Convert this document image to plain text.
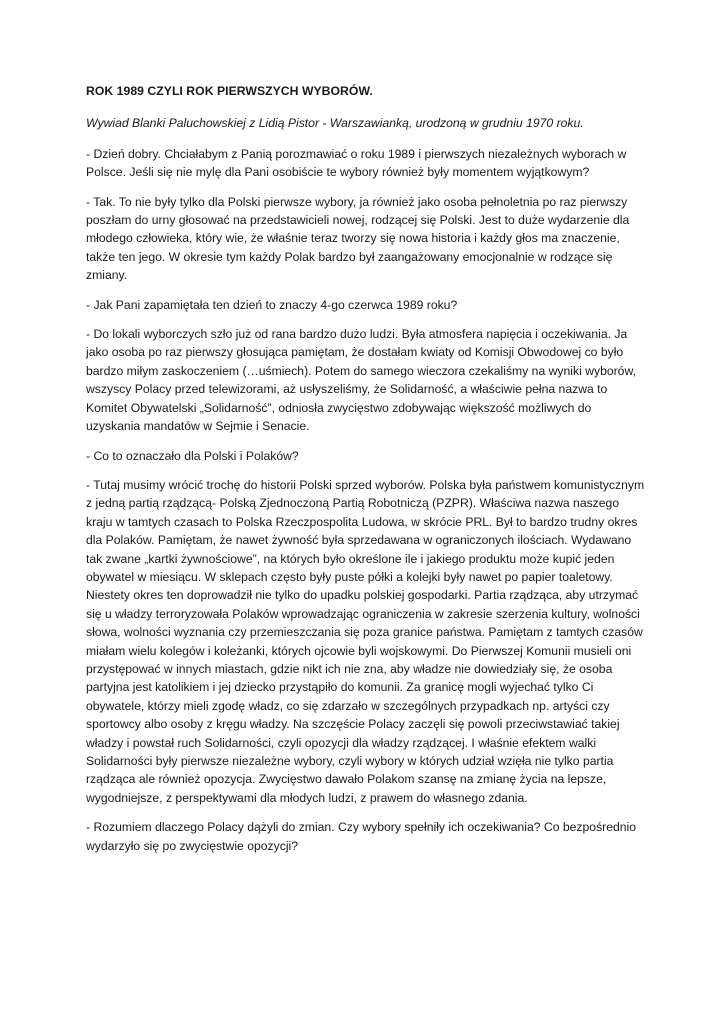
ROK 1989 CZYLI ROK PIERWSZYCH WYBORÓW.
Wywiad Blanki Paluchowskiej z Lidią Pistor - Warszawianką, urodzoną w grudniu 1970 roku.

- Dzień dobry. Chciałabym z Panią porozmawiać o roku 1989 i pierwszych niezależnych wyborach w Polsce. Jeśli się nie mylę dla Pani osobiście te wybory również były momentem wyjątkowym?

- Tak. To nie były tylko dla Polski pierwsze wybory, ja również jako osoba pełnoletnia po raz pierwszy poszłam do urny głosować na przedstawicieli nowej, rodzącej się Polski. Jest to duże wydarzenie dla młodego człowieka, który wie, że właśnie teraz tworzy się nowa historia i każdy głos ma znaczenie, także ten jego. W okresie tym każdy Polak bardzo był zaangażowany emocjonalnie w rodzące się zmiany.

- Jak Pani zapamiętała ten dzień to znaczy 4-go czerwca 1989 roku?

- Do lokali wyborczych szło już od rana bardzo dużo ludzi. Była atmosfera napięcia i oczekiwania. Ja jako osoba po raz pierwszy głosująca pamiętam, że dostałam kwiaty od Komisji Obwodowej co było bardzo miłym zaskoczeniem (…uśmiech). Potem do samego wieczora czekaliśmy na wyniki wyborów, wszyscy Polacy przed telewizorami, aż usłyszeliśmy, że Solidarność, a właściwie pełna nazwa to Komitet Obywatelski „Solidarność”, odniosła zwycięstwo zdobywając większość możliwych do uzyskania mandatów w Sejmie i Senacie.

- Co to oznaczało dla Polski i Polaków?

- Tutaj musimy wrócić trochę do historii Polski sprzed wyborów. Polska była państwem komunistycznym z jedną partią rządzącą- Polską Zjednoczoną Partią Robotniczą (PZPR). Właściwa nazwa naszego kraju w tamtych czasach to Polska Rzeczpospolita Ludowa, w skrócie PRL. Był to bardzo trudny okres dla Polaków. Pamiętam, że nawet żywność była sprzedawana w ograniczonych ilościach. Wydawano tak zwane „kartki żywnościowe”, na których było określone ile i jakiego produktu może kupić jeden obywatel w miesiącu. W sklepach często były puste półki a kolejki były nawet po papier toaletowy. Niestety okres ten doprowadził nie tylko do upadku polskiej gospodarki. Partia rządząca, aby utrzymać się u władzy terroryzowała Polaków wprowadzając ograniczenia w zakresie szerzenia kultury, wolności słowa, wolności wyznania czy przemieszczania się poza granice państwa. Pamiętam z tamtych czasów miałam wielu kolegów i koleżanki, których ojcowie byli wojskowymi. Do Pierwszej Komunii musieli oni przystępować w innych miastach, gdzie nikt ich nie zna, aby władze nie dowiedziały się, że osoba partyjna jest katolikiem i jej dziecko przystąpiło do komunii. Za granicę mogli wyjechać tylko Ci obywatele, którzy mieli zgodę władz, co się zdarzało w szczególnych przypadkach np. artyści czy sportowcy albo osoby z kręgu władzy. Na szczęście Polacy zaczęli się powoli przeciwstawiać takiej władzy i powstał ruch Solidarności, czyli opozycji dla władzy rządzącej. I właśnie efektem walki Solidarności były pierwsze niezależne wybory, czyli wybory w których udział wzięła nie tylko partia rządząca ale również opozycja. Zwycięstwo dawało Polakom szansę na zmianę życia na lepsze, wygodniejsze, z perspektywami dla młodych ludzi, z prawem do własnego zdania.

- Rozumiem dlaczego Polacy dążyli do zmian. Czy wybory spełniły ich oczekiwania? Co bezpośrednio wydarzyło się po zwycięstwie opozycji?
